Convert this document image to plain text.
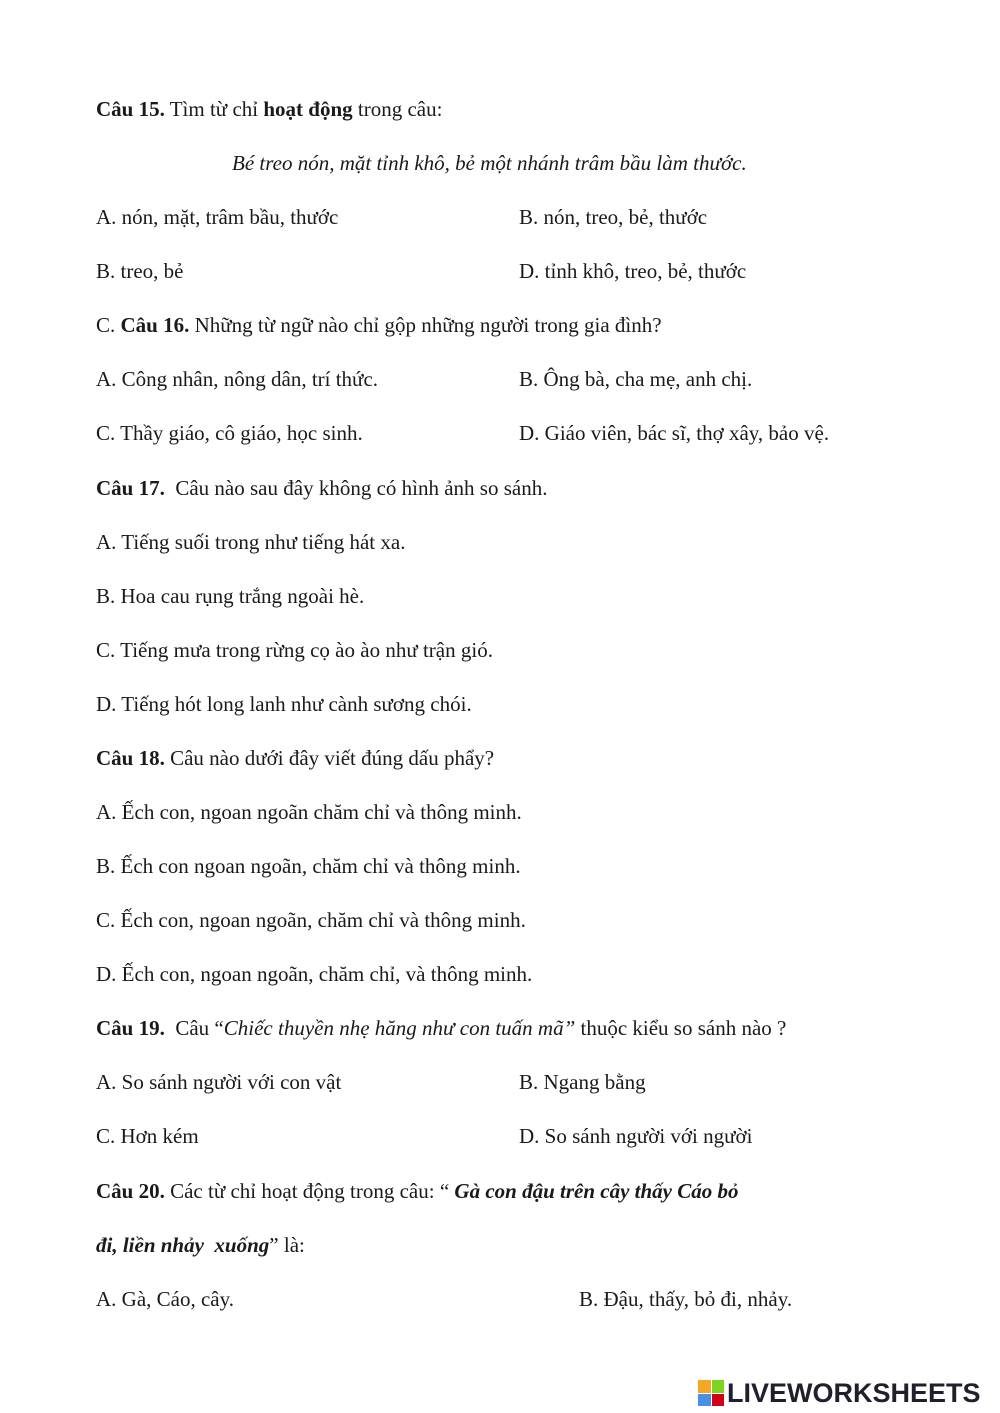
Câu 15. Tìm từ chỉ hoạt động trong câu:
Bé treo nón, mặt tỉnh khô, bẻ một nhánh trâm bầu làm thước.
A. nón, mặt, trâm bầu, thước	B. nón, treo, bẻ, thước
B. treo, bẻ	D. tỉnh khô, treo, bẻ, thước
C. Câu 16. Những từ ngữ nào chỉ gộp những người trong gia đình?
A. Công nhân, nông dân, trí thức.	B. Ông bà, cha mẹ, anh chị.
C. Thầy giáo, cô giáo, học sinh.	D. Giáo viên, bác sĩ, thợ xây, bảo vệ.
Câu 17.  Câu nào sau đây không có hình ảnh so sánh.
A. Tiếng suối trong như tiếng hát xa.
B. Hoa cau rụng trắng ngoài hè.
C. Tiếng mưa trong rừng cọ ào ào như trận gió.
D. Tiếng hót long lanh như cành sương chói.
Câu 18. Câu nào dưới đây viết đúng dấu phẩy?
A. Ếch con, ngoan ngoãn chăm chỉ và thông minh.
B. Ếch con ngoan ngoãn, chăm chỉ và thông minh.
C. Ếch con, ngoan ngoãn, chăm chỉ và thông minh.
D. Ếch con, ngoan ngoãn, chăm chỉ, và thông minh.
Câu 19.  Câu “Chiếc thuyền nhẹ hăng như con tuấn mã” thuộc kiểu so sánh nào ?
A. So sánh người với con vật	B. Ngang bằng
C. Hơn kém	D. So sánh người với người
Câu 20. Các từ chỉ hoạt động trong câu: “ Gà con đậu trên cây thấy Cáo bỏ
đi, liền nhảy  xuống” là:
A. Gà, Cáo, cây.	B. Đậu, thấy, bỏ đi, nhảy.
LIVEWORKSHEETS
